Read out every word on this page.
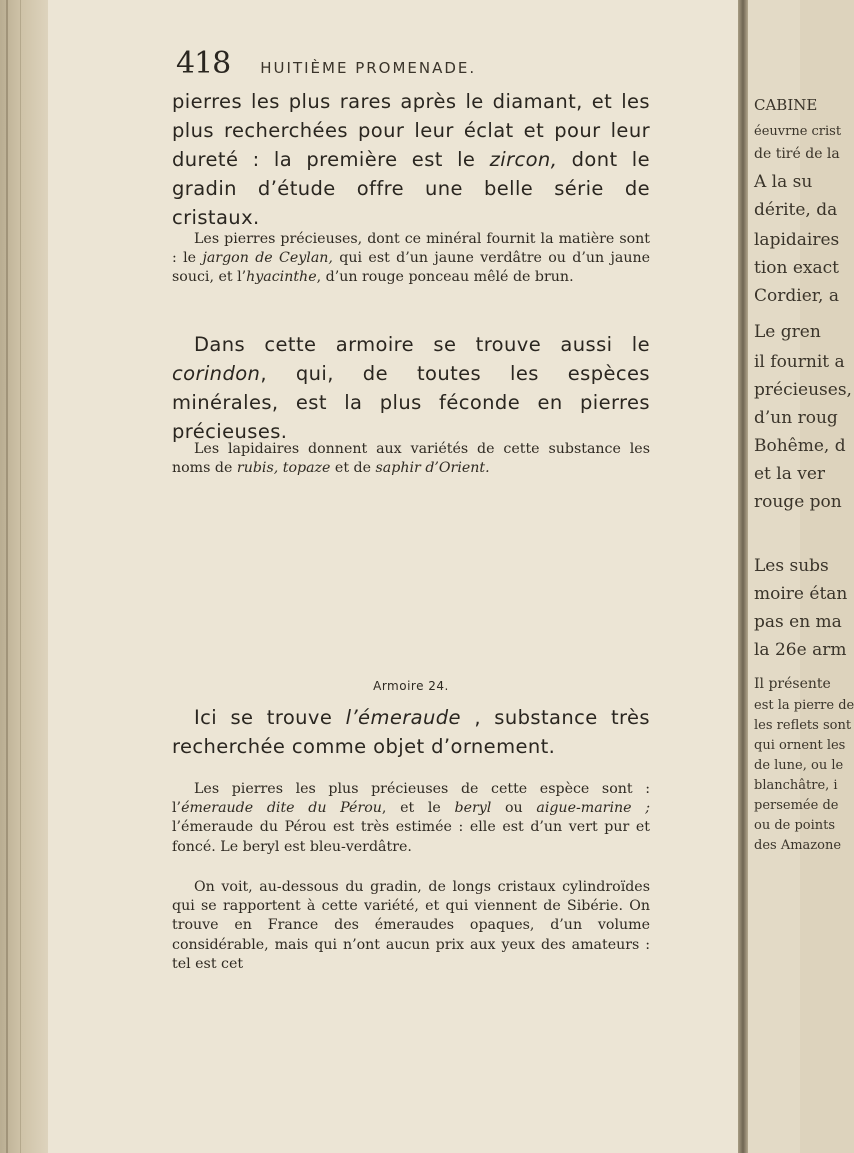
418 HUITIÈME PROMENADE.

pierres les plus rares après le diamant, et les plus recherchées pour leur éclat et pour leur dureté : la première est le zircon, dont le gradin d’étude offre une belle série de cristaux.

Les pierres précieuses, dont ce minéral fournit la matière sont : le jargon de Ceylan, qui est d’un jaune verdâtre ou d’un jaune souci, et l’hyacinthe, d’un rouge ponceau mêlé de brun.

Dans cette armoire se trouve aussi le corindon, qui, de toutes les espèces minérales, est la plus féconde en pierres précieuses.

Les lapidaires donnent aux variétés de cette substance les noms de rubis, topaze et de saphir d’Orient.

Armoire 24.

Ici se trouve l’émeraude , substance très recherchée comme objet d’ornement.

Les pierres les plus précieuses de cette espèce sont : l’émeraude dite du Pérou, et le beryl ou aigue-marine ; l’émeraude du Pérou est très estimée : elle est d’un vert pur et foncé. Le beryl est bleu-verdâtre.

On voit, au-dessous du gradin, de longs cristaux cylindroïdes qui se rapportent à cette variété, et qui viennent de Sibérie. On trouve en France des émeraudes opaques, d’un volume considérable, mais qui n’ont aucun prix aux yeux des amateurs : tel est cet

CABINE
éeuvrne crist
de tiré de la
A la su
dérite, da
lapidaires
tion exact
Cordier, a
Le gren
il fournit a
précieuses,
d’un roug
Bohême, d
et la ver
rouge pon
Les subs
moire étan
pas en ma
la 26e arm
Il présente
est la pierre de
les reflets sont
qui ornent les
de lune, ou le
blanchâtre, i
persemée de
ou de points
des Amazone
